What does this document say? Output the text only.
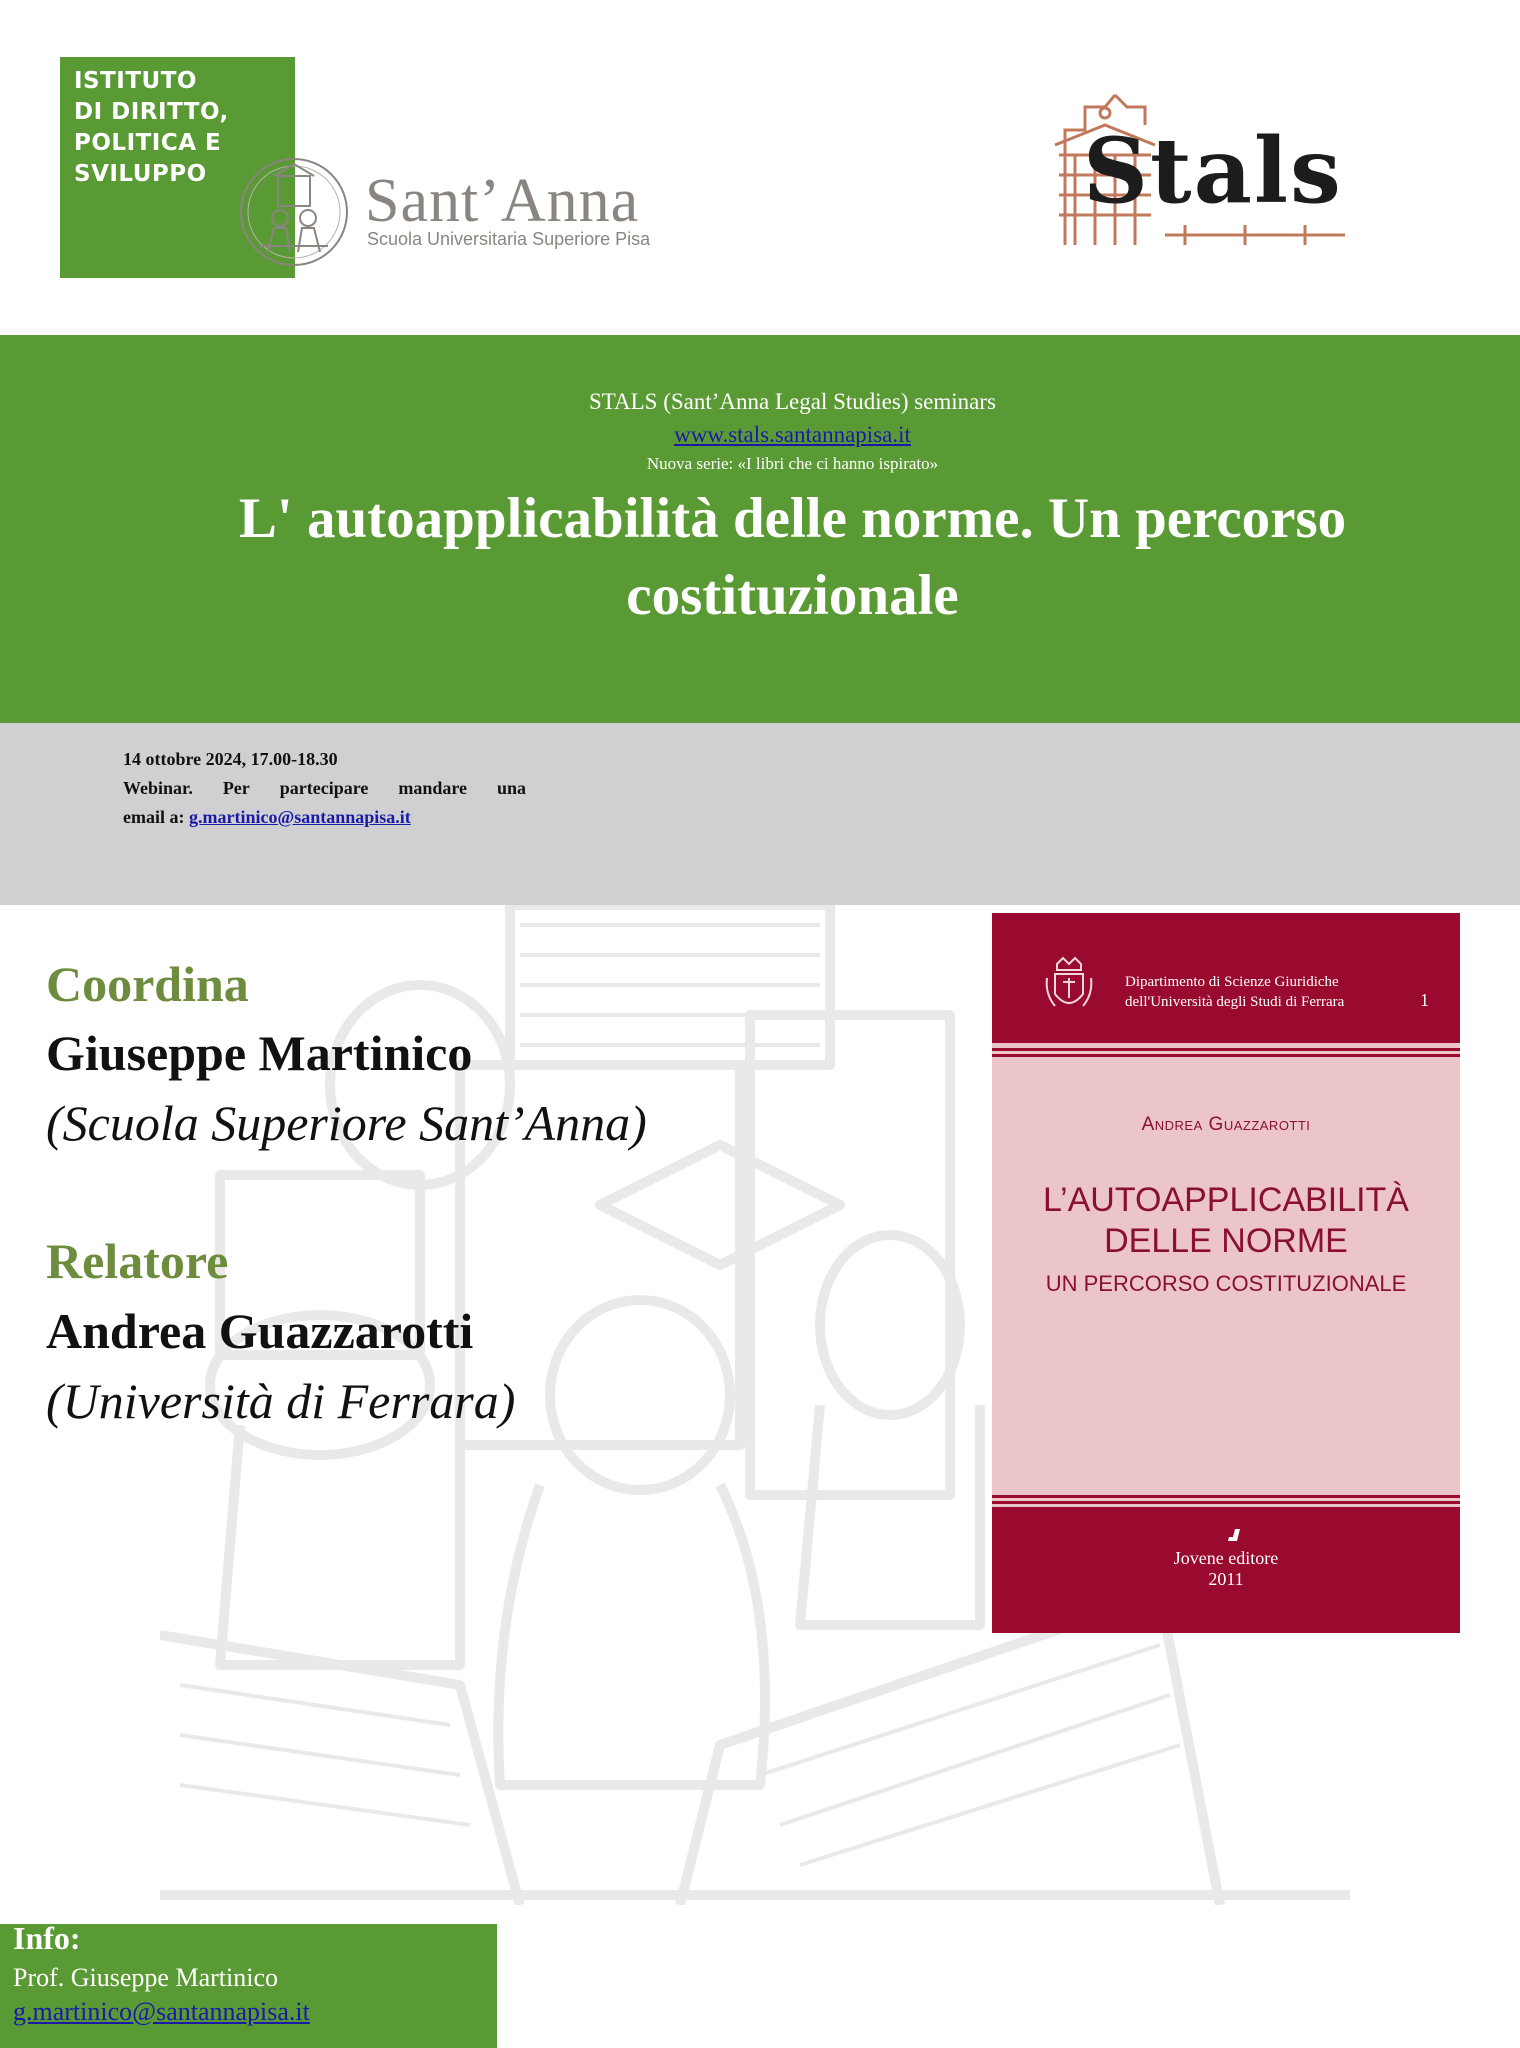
ISTITUTO
DI DIRITTO,
POLITICA E
SVILUPPO	Sant’Anna
Scuola Universitaria Superiore Pisa
Stals
STALS (Sant’Anna Legal Studies) seminars
www.stals.santannapisa.it
Nuova serie: «I libri che ci hanno ispirato»
L' autoapplicabilità delle norme. Un percorso
costituzionale
14 ottobre 2024, 17.00-18.30
Webinar. Per partecipare mandare una
email a: g.martinico@santannapisa.it
Coordina
Giuseppe Martinico
(Scuola Superiore Sant’Anna)
Relatore
Andrea Guazzarotti
(Università di Ferrara)
Dipartimento di Scienze Giuridiche
dell'Università degli Studi di Ferrara	1
Andrea Guazzarotti
L’AUTOAPPLICABILITÀ
DELLE NORME
UN PERCORSO COSTITUZIONALE
Jovene editore
2011
Info:
Prof. Giuseppe Martinico
g.martinico@santannapisa.it
